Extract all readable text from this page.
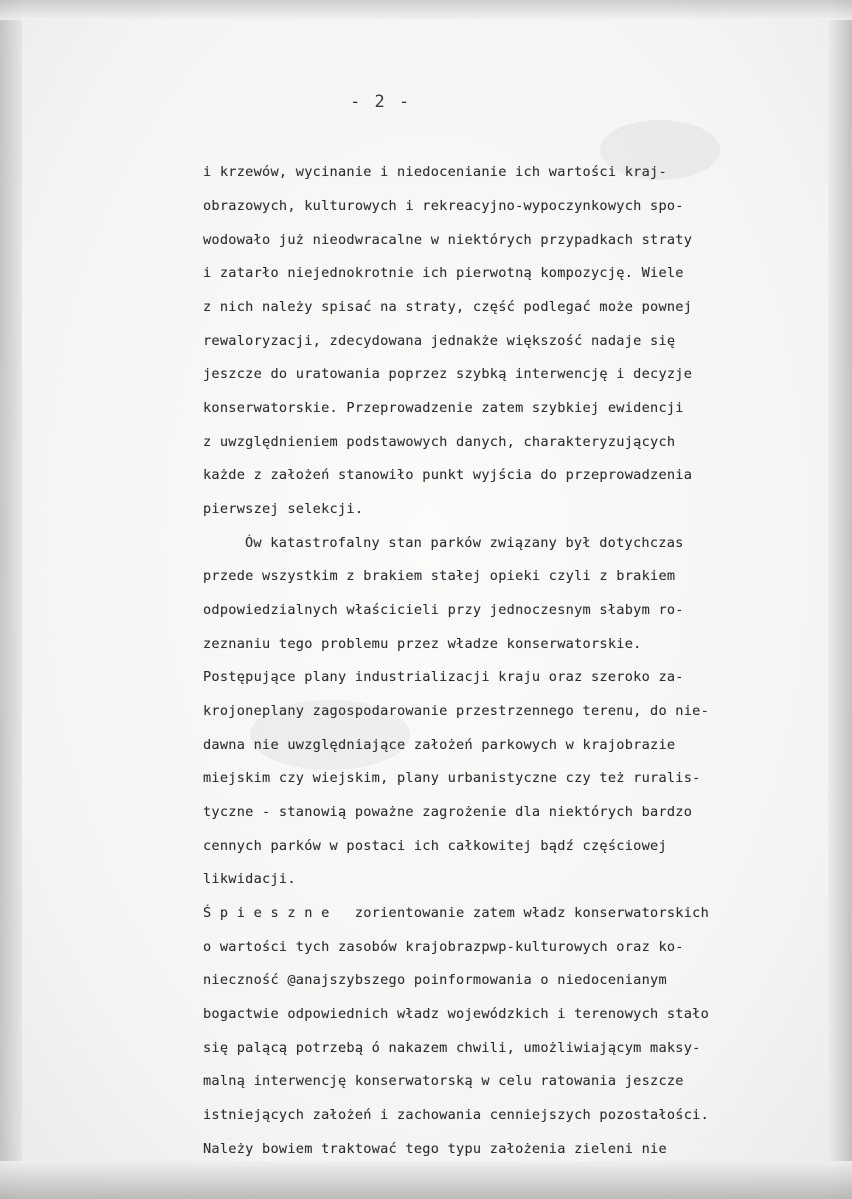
- 2 -
i krzewów, wycinanie i niedocenianie ich wartości kraj-
obrazowych, kulturowych i rekreacyjno-wypoczynkowych spo-
wodowało już nieodwracalne w niektórych przypadkach straty
i zatarło niejednokrotnie ich pierwotną kompozycję. Wiele
z nich należy spisać na straty, część podlegać może pownej
rewaloryzacji, zdecydowana jednakże większość nadaje się
jeszcze do uratowania poprzez szybką interwencję i decyzje
konserwatorskie. Przeprowadzenie zatem szybkiej ewidencji
z uwzględnieniem podstawowych danych, charakteryzujących
każde z założeń stanowiło punkt wyjścia do przeprowadzenia
pierwszej selekcji.
Ów katastrofalny stan parków związany był dotychczas
przede wszystkim z brakiem stałej opieki czyli z brakiem
odpowiedzialnych właścicieli przy jednoczesnym słabym ro-
zeznaniu tego problemu przez władze konserwatorskie.
Postępujące plany industrializacji kraju oraz szeroko za-
krojoneplany zagospodarowanie przestrzennego terenu, do nie-
dawna nie uwzględniające założeń parkowych w krajobrazie
miejskim czy wiejskim, plany urbanistyczne czy też ruralis-
tyczne - stanowią poważne zagrożenie dla niektórych bardzo
cennych parków w postaci ich całkowitej bądź częściowej
likwidacji.
Ś p i e s z n e   zorientowanie zatem władz konserwatorskich
o wartości tych zasobów krajobrazpwp-kulturowych oraz ko-
nieczność @anajszybszego poinformowania o niedocenianym
bogactwie odpowiednich władz wojewódzkich i terenowych stało
się palącą potrzebą ó nakazem chwili, umożliwiającym maksy-
malną interwencję konserwatorską w celu ratowania jeszcze
istniejących założeń i zachowania cenniejszych pozostałości.
Należy bowiem traktować tego typu założenia zieleni nie
